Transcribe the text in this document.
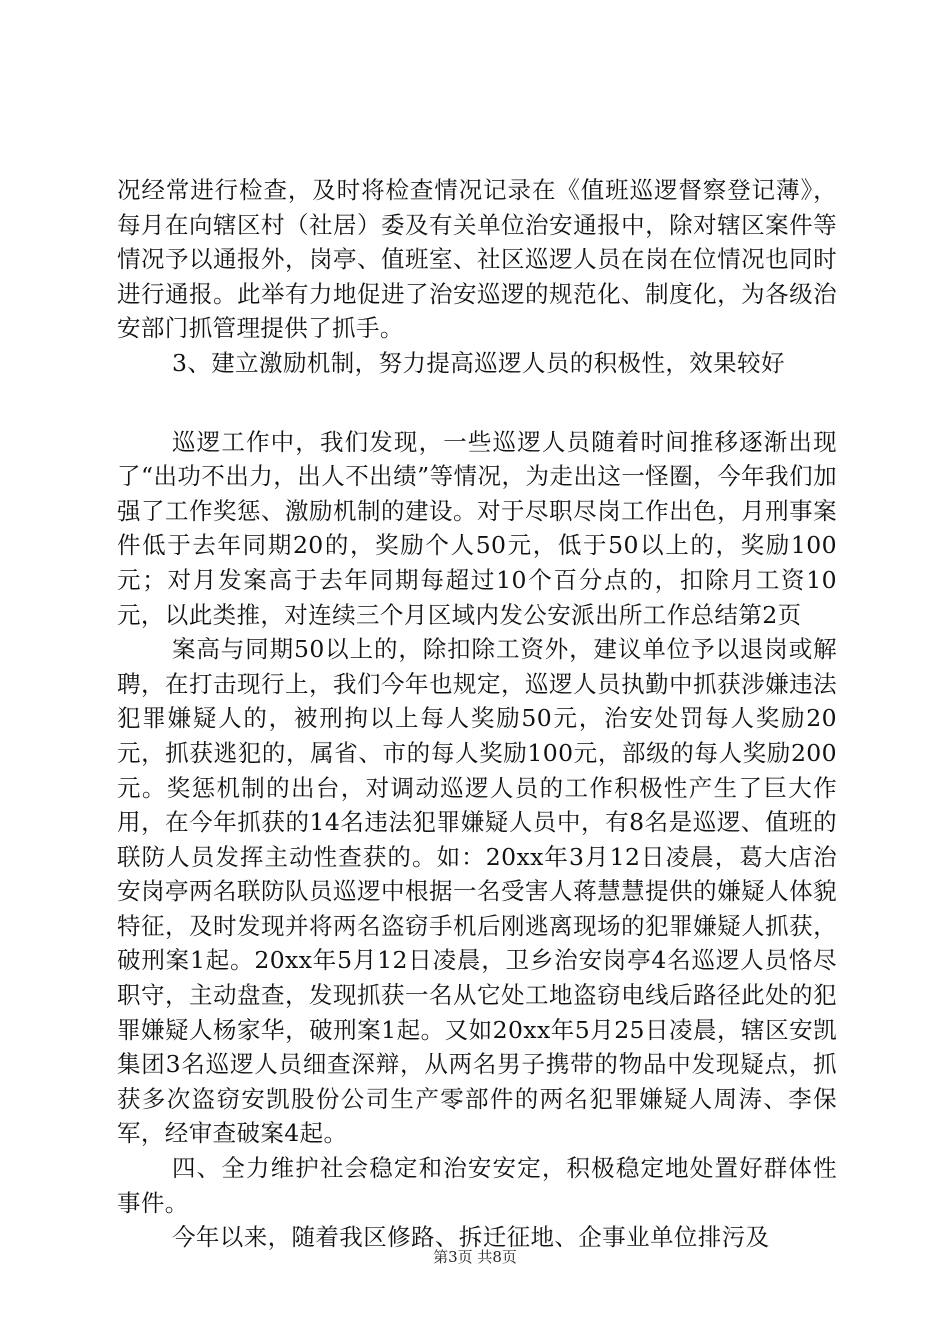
况经常进行检查，及时将检查情况记录在《值班巡逻督察登记薄》，每月在向辖区村（社居）委及有关单位治安通报中，除对辖区案件等情况予以通报外，岗亭、值班室、社区巡逻人员在岗在位情况也同时进行通报。此举有力地促进了治安巡逻的规范化、制度化，为各级治安部门抓管理提供了抓手。

3、建立激励机制，努力提高巡逻人员的积极性，效果较好

巡逻工作中，我们发现，一些巡逻人员随着时间推移逐渐出现了“出功不出力，出人不出绩”等情况，为走出这一怪圈，今年我们加强了工作奖惩、激励机制的建设。对于尽职尽岗工作出色，月刑事案件低于去年同期20的，奖励个人50元，低于50以上的，奖励100元；对月发案高于去年同期每超过10个百分点的，扣除月工资10元，以此类推，对连续三个月区域内发公安派出所工作总结第2页

案高与同期50以上的，除扣除工资外，建议单位予以退岗或解聘，在打击现行上，我们今年也规定，巡逻人员执勤中抓获涉嫌违法犯罪嫌疑人的，被刑拘以上每人奖励50元，治安处罚每人奖励20元，抓获逃犯的，属省、市的每人奖励100元，部级的每人奖励200元。奖惩机制的出台，对调动巡逻人员的工作积极性产生了巨大作用，在今年抓获的14名违法犯罪嫌疑人员中，有8名是巡逻、值班的联防人员发挥主动性查获的。如：20xx年3月12日凌晨，葛大店治安岗亭两名联防队员巡逻中根据一名受害人蒋慧慧提供的嫌疑人体貌特征，及时发现并将两名盗窃手机后刚逃离现场的犯罪嫌疑人抓获，破刑案1起。20xx年5月12日凌晨，卫乡治安岗亭4名巡逻人员恪尽职守，主动盘查，发现抓获一名从它处工地盗窃电线后路径此处的犯罪嫌疑人杨家华，破刑案1起。又如20xx年5月25日凌晨，辖区安凯集团3名巡逻人员细查深辩，从两名男子携带的物品中发现疑点，抓获多次盗窃安凯股份公司生产零部件的两名犯罪嫌疑人周涛、李保军，经审查破案4起。

四、全力维护社会稳定和治安安定，积极稳定地处置好群体性事件。

今年以来，随着我区修路、拆迁征地、企事业单位排污及

第3页 共8页
